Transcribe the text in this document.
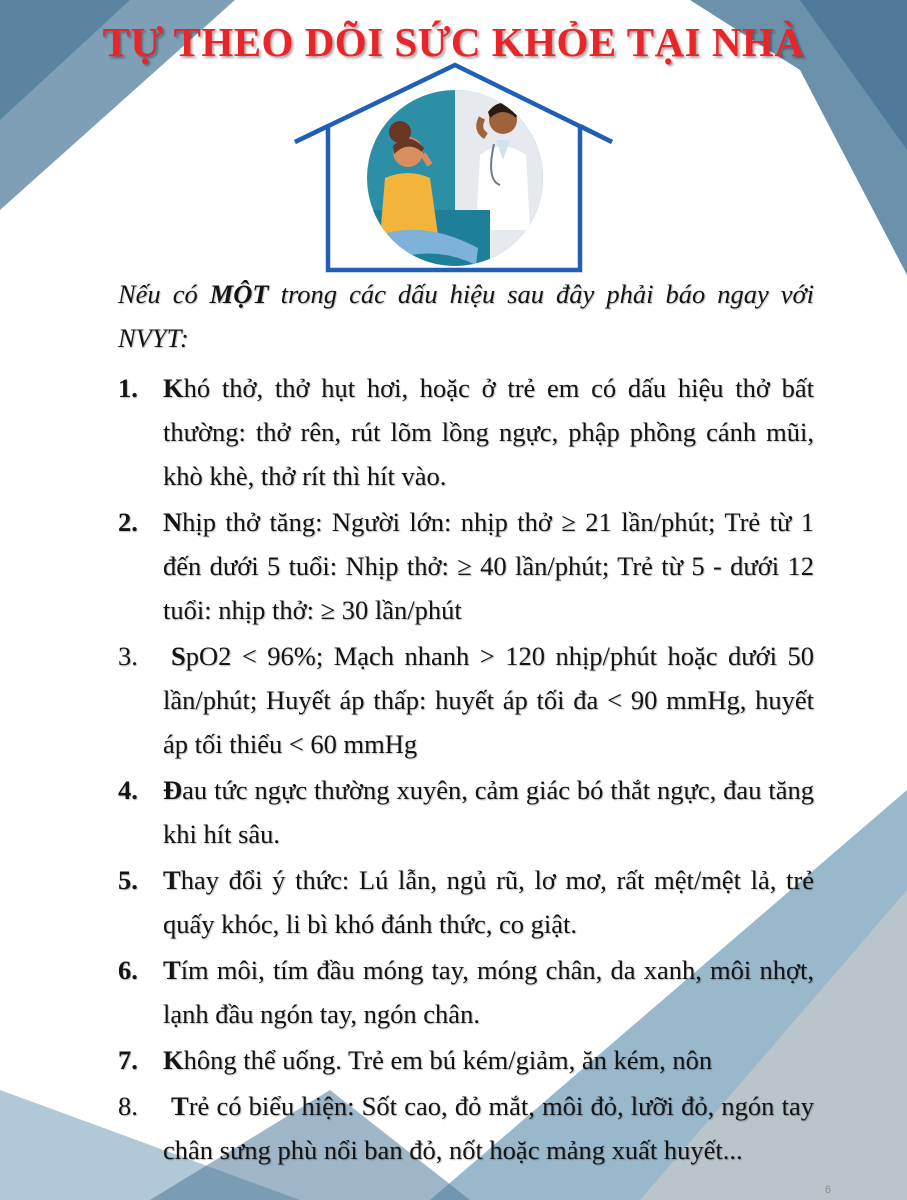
TỰ THEO DÕI SỨC KHỎE TẠI NHÀ

Nếu có MỘT trong các dấu hiệu sau đây phải báo ngay với NVYT:

1. Khó thở, thở hụt hơi, hoặc ở trẻ em có dấu hiệu thở bất thường: thở rên, rút lõm lồng ngực, phập phồng cánh mũi, khò khè, thở rít thì hít vào.
2. Nhịp thở tăng: Người lớn: nhịp thở ≥ 21 lần/phút; Trẻ từ 1 đến dưới 5 tuổi: Nhịp thở: ≥ 40 lần/phút; Trẻ từ 5 - dưới 12 tuổi: nhịp thở: ≥ 30 lần/phút
3. SpO2 < 96%; Mạch nhanh > 120 nhịp/phút hoặc dưới 50 lần/phút; Huyết áp thấp: huyết áp tối đa < 90 mmHg, huyết áp tối thiểu < 60 mmHg
4. Đau tức ngực thường xuyên, cảm giác bó thắt ngực, đau tăng khi hít sâu.
5. Thay đổi ý thức: Lú lẫn, ngủ rũ, lơ mơ, rất mệt/mệt lả, trẻ quấy khóc, li bì khó đánh thức, co giật.
6. Tím môi, tím đầu móng tay, móng chân, da xanh, môi nhợt, lạnh đầu ngón tay, ngón chân.
7. Không thể uống. Trẻ em bú kém/giảm, ăn kém, nôn
8. Trẻ có biểu hiện: Sốt cao, đỏ mắt, môi đỏ, lưỡi đỏ, ngón tay chân sưng phù nổi ban đỏ, nốt hoặc mảng xuất huyết...
6
